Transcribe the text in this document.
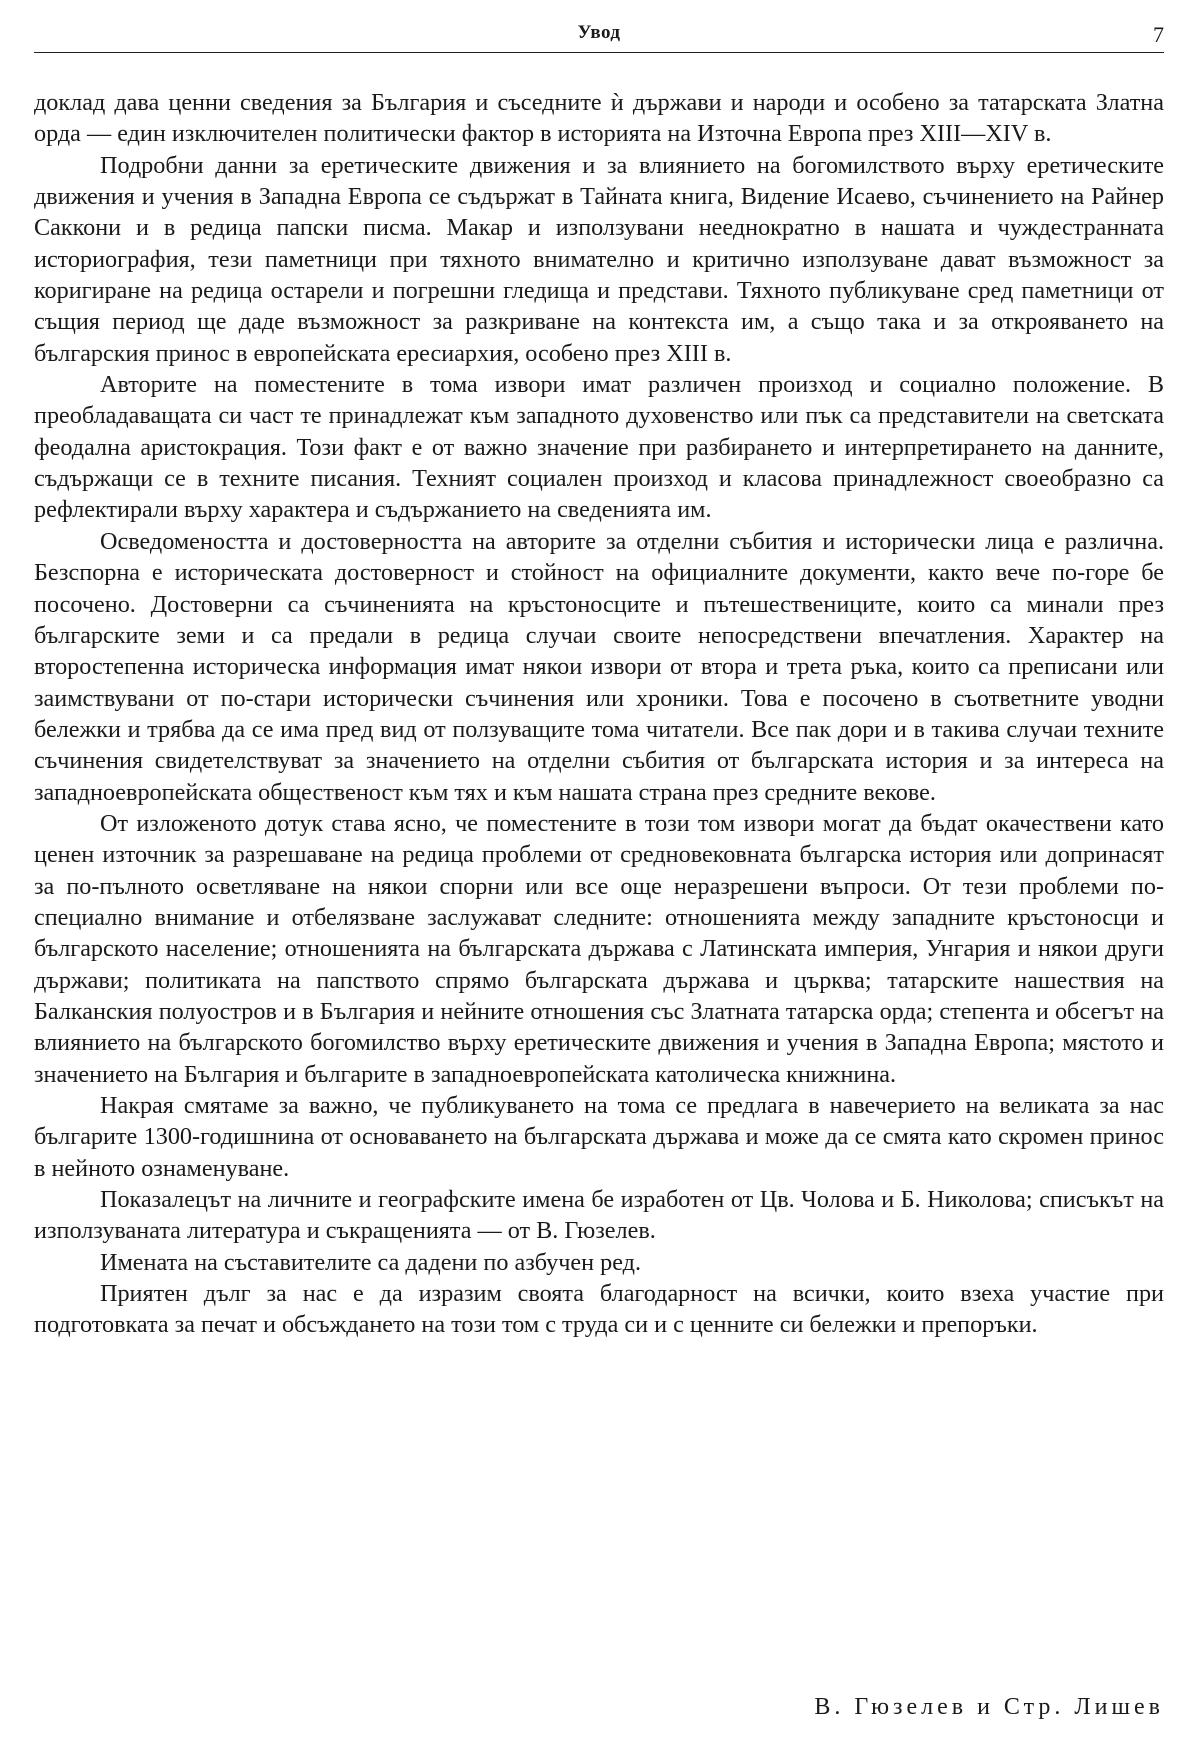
Увод	7

доклад дава ценни сведения за България и съседните ѝ държави и народи и особено за татарската Златна орда — един изключителен политически фактор в историята на Източна Европа през XIII—XIV в.

Подробни данни за еретическите движения и за влиянието на богомилството върху еретическите движения и учения в Западна Европа се съдържат в Тайната книга, Видение Исаево, съчинението на Райнер Саккони и в редица папски писма. Макар и използувани нееднократно в нашата и чуждестранната историография, тези паметници при тяхното внимателно и критично използуване дават възможност за коригиране на редица остарели и погрешни гледища и представи. Тяхното публикуване сред паметници от същия период ще даде възможност за разкриване на контекста им, а също така и за открояването на българския принос в европейската ересиархия, особено през XIII в.

Авторите на поместените в тома извори имат различен произход и социално положение. В преобладаващата си част те принадлежат към западното духовенство или пък са представители на светската феодална аристокрация. Този факт е от важно значение при разбирането и интерпретирането на данните, съдържащи се в техните писания. Техният социален произход и класова принадлежност своеобразно са рефлектирали върху характера и съдържанието на сведенията им.

Осведомеността и достоверността на авторите за отделни събития и исторически лица е различна. Безспорна е историческата достоверност и стойност на официалните документи, както вече по-горе бе посочено. Достоверни са съчиненията на кръстоносците и пътешествениците, които са минали през българските земи и са предали в редица случаи своите непосредствени впечатления. Характер на второстепенна историческа информация имат някои извори от втора и трета ръка, които са преписани или заимствувани от по-стари исторически съчинения или хроники. Това е посочено в съответните уводни бележки и трябва да се има пред вид от ползуващите тома читатели. Все пак дори и в такива случаи техните съчинения свидетелствуват за значението на отделни събития от българската история и за интереса на западноевропейската общественост към тях и към нашата страна през средните векове.

От изложеното дотук става ясно, че поместените в този том извори могат да бъдат окачествени като ценен източник за разрешаване на редица проблеми от средновековната българска история или допринасят за по-пълното осветляване на някои спорни или все още неразрешени въпроси. От тези проблеми по-специално внимание и отбелязване заслужават следните: отношенията между западните кръстоносци и българското население; отношенията на българската държава с Латинската империя, Унгария и някои други държави; политиката на папството спрямо българската държава и църква; татарските нашествия на Балканския полуостров и в България и нейните отношения със Златната татарска орда; степента и обсегът на влиянието на българското богомилство върху еретическите движения и учения в Западна Европа; мястото и значението на България и българите в западноевропейската католическа книжнина.

Накрая смятаме за важно, че публикуването на тома се предлага в навечерието на великата за нас българите 1300-годишнина от основаването на българската държава и може да се смята като скромен принос в нейното ознаменуване.

Показалецът на личните и географските имена бе изработен от Цв. Чолова и Б. Николова; списъкът на използуваната литература и съкращенията — от В. Гюзелев.

Имената на съставителите са дадени по азбучен ред.

Приятен дълг за нас е да изразим своята благодарност на всички, които взеха участие при подготовката за печат и обсъждането на този том с труда си и с ценните си бележки и препоръки.

В. Гюзелев и Стр. Лишев
